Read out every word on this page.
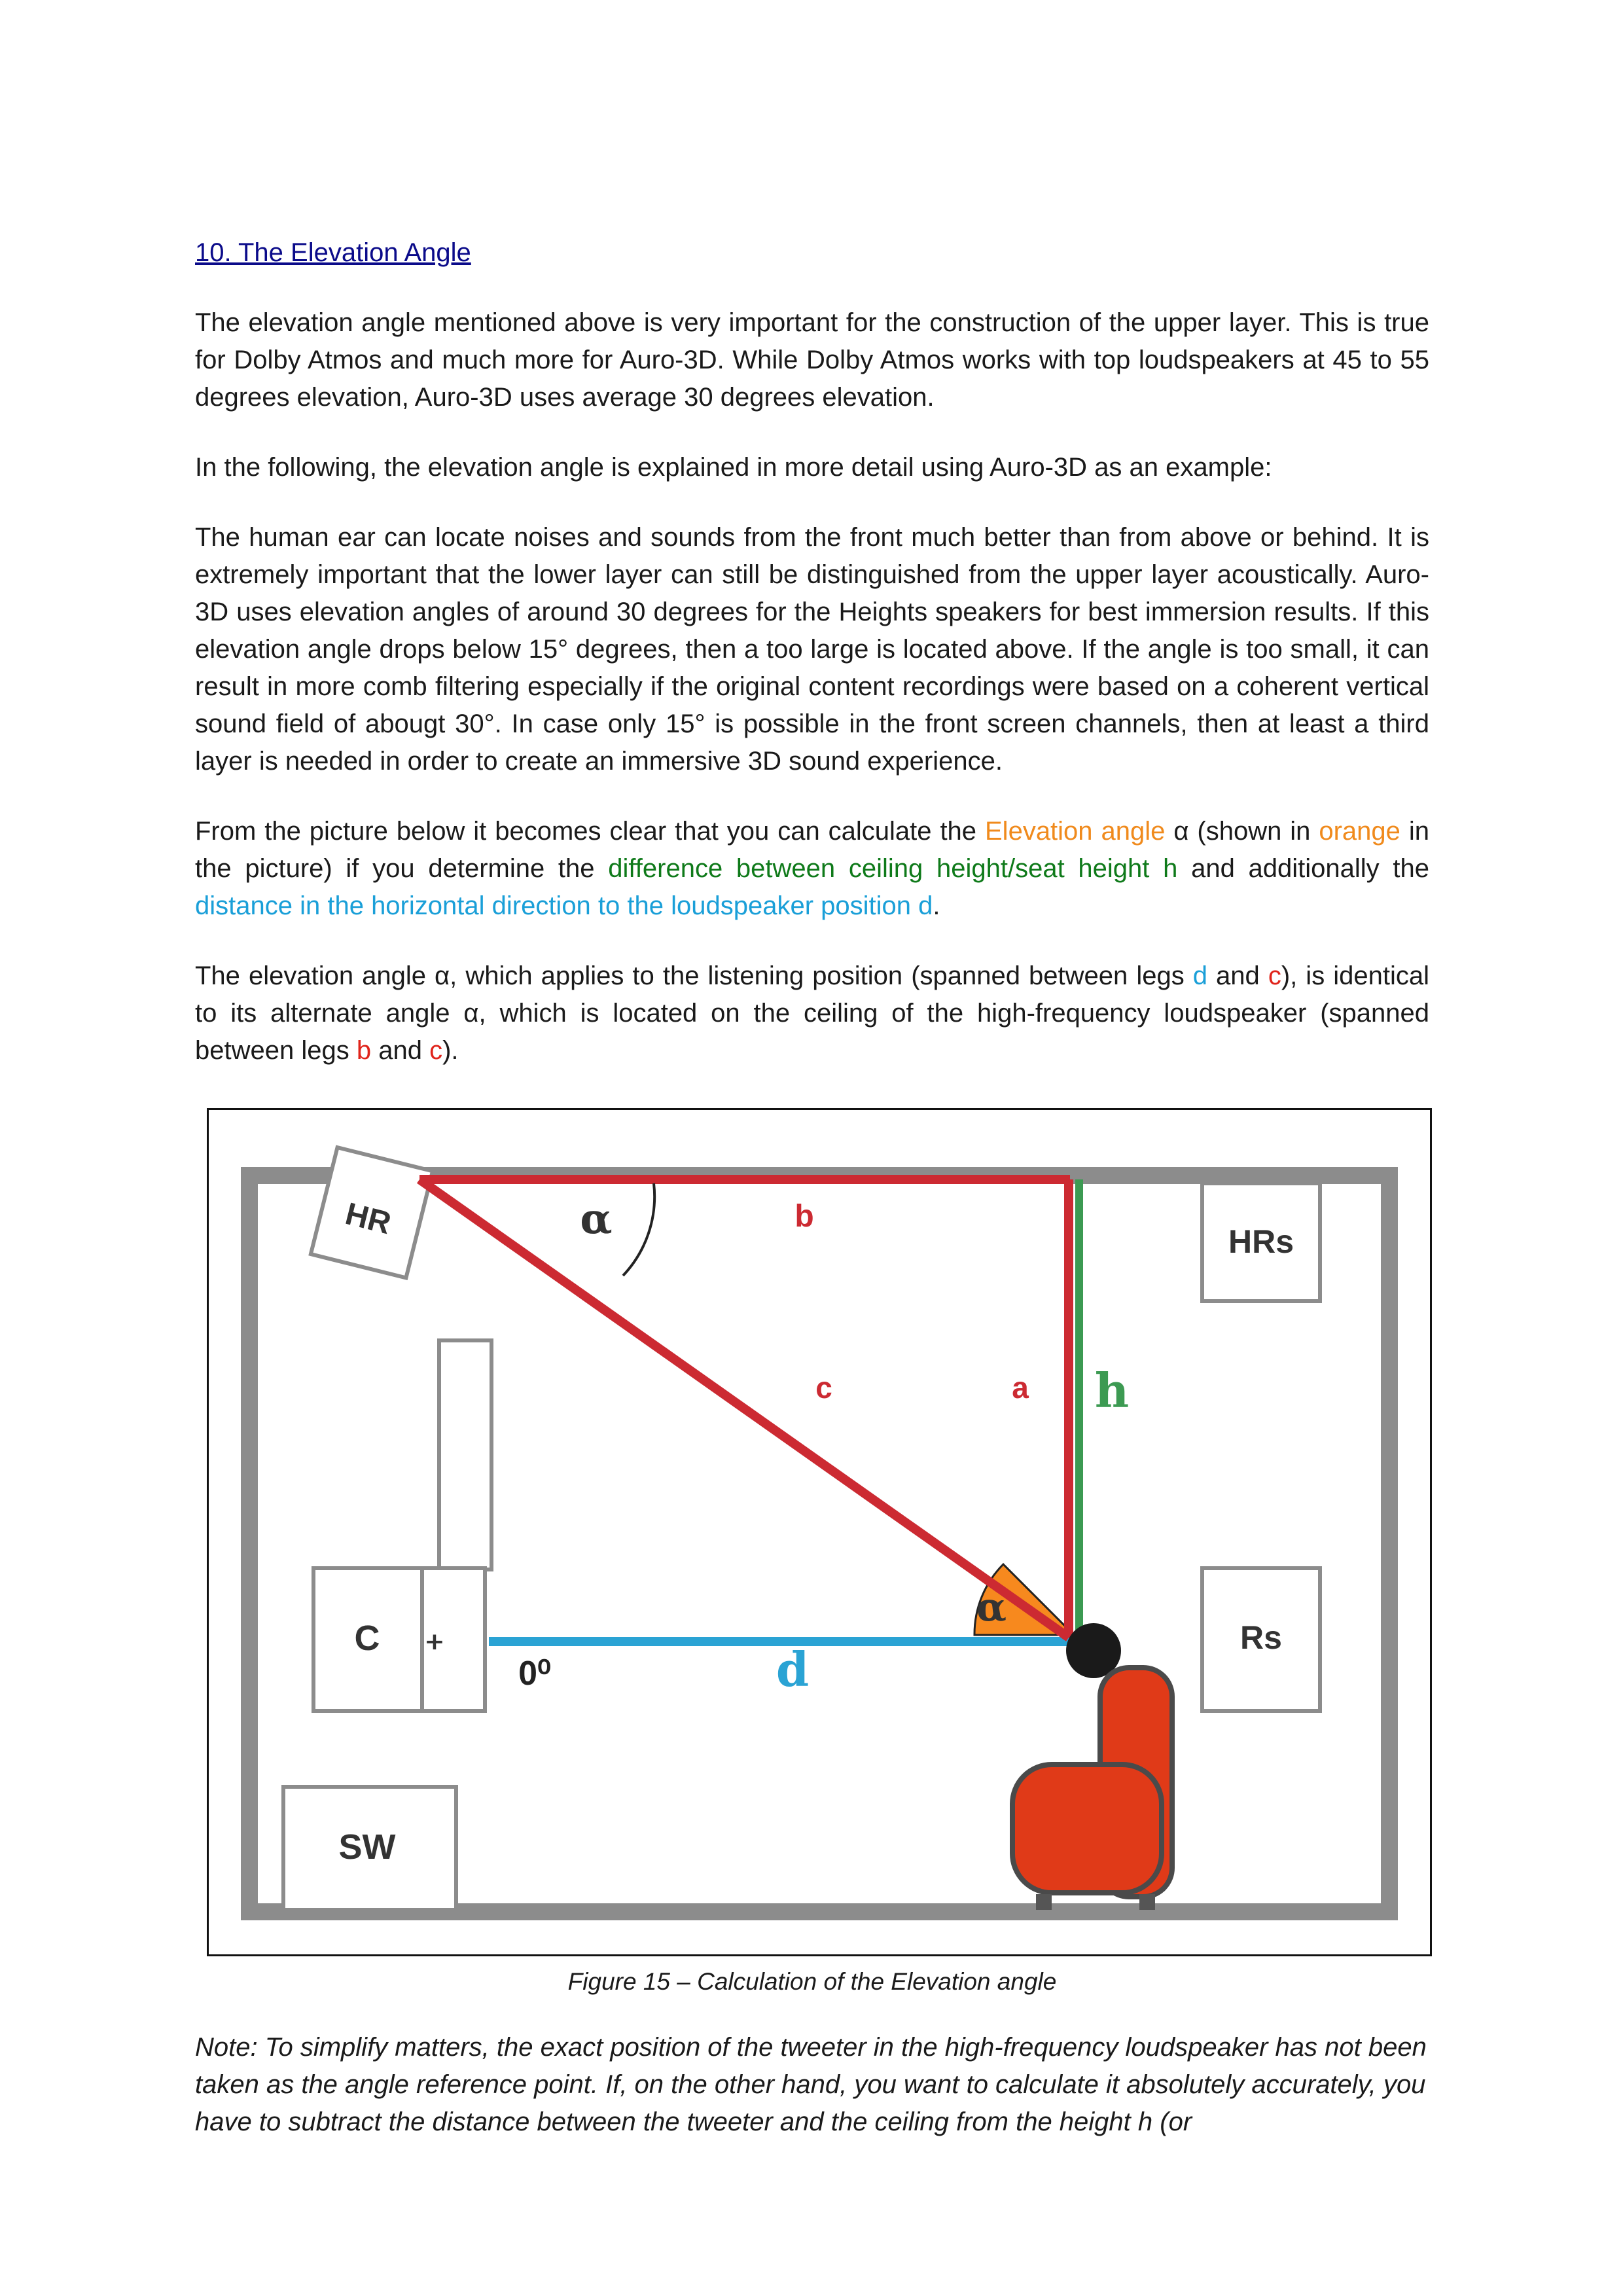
10. The Elevation Angle

The elevation angle mentioned above is very important for the construction of the upper layer. This is true for Dolby Atmos and much more for Auro-3D. While Dolby Atmos works with top loudspeakers at 45 to 55 degrees elevation, Auro-3D uses average 30 degrees elevation.

In the following, the elevation angle is explained in more detail using Auro-3D as an example:

The human ear can locate noises and sounds from the front much better than from above or behind. It is extremely important that the lower layer can still be distinguished from the upper layer acoustically. Auro-3D uses elevation angles of around 30 degrees for the Heights speakers for best immersion results. If this elevation angle drops below 15° degrees, then a too large is located above. If the angle is too small, it can result in more comb filtering especially if the original content recordings were based on a coherent vertical sound field of abougt 30°. In case only 15° is possible in the front screen channels, then at least a third layer is needed in order to create an immersive 3D sound experience.

From the picture below it becomes clear that you can calculate the Elevation angle α (shown in orange in the picture) if you determine the difference between ceiling height/seat height h and additionally the distance in the horizontal direction to the loudspeaker position d.

The elevation angle α, which applies to the listening position (spanned between legs d and c), is identical to its alternate angle α, which is located on the ceiling of the high-frequency loudspeaker (spanned between legs b and c).

HRs
Rs
SW
HR
C ᚐ
α	b
c	a h
α
d
0⁰
Figure 15 – Calculation of the Elevation angle
Note: To simplify matters, the exact position of the tweeter in the high-frequency loudspeaker has not been taken as the angle reference point. If, on the other hand, you want to calculate it absolutely accurately, you have to subtract the distance between the tweeter and the ceiling from the height h (or
